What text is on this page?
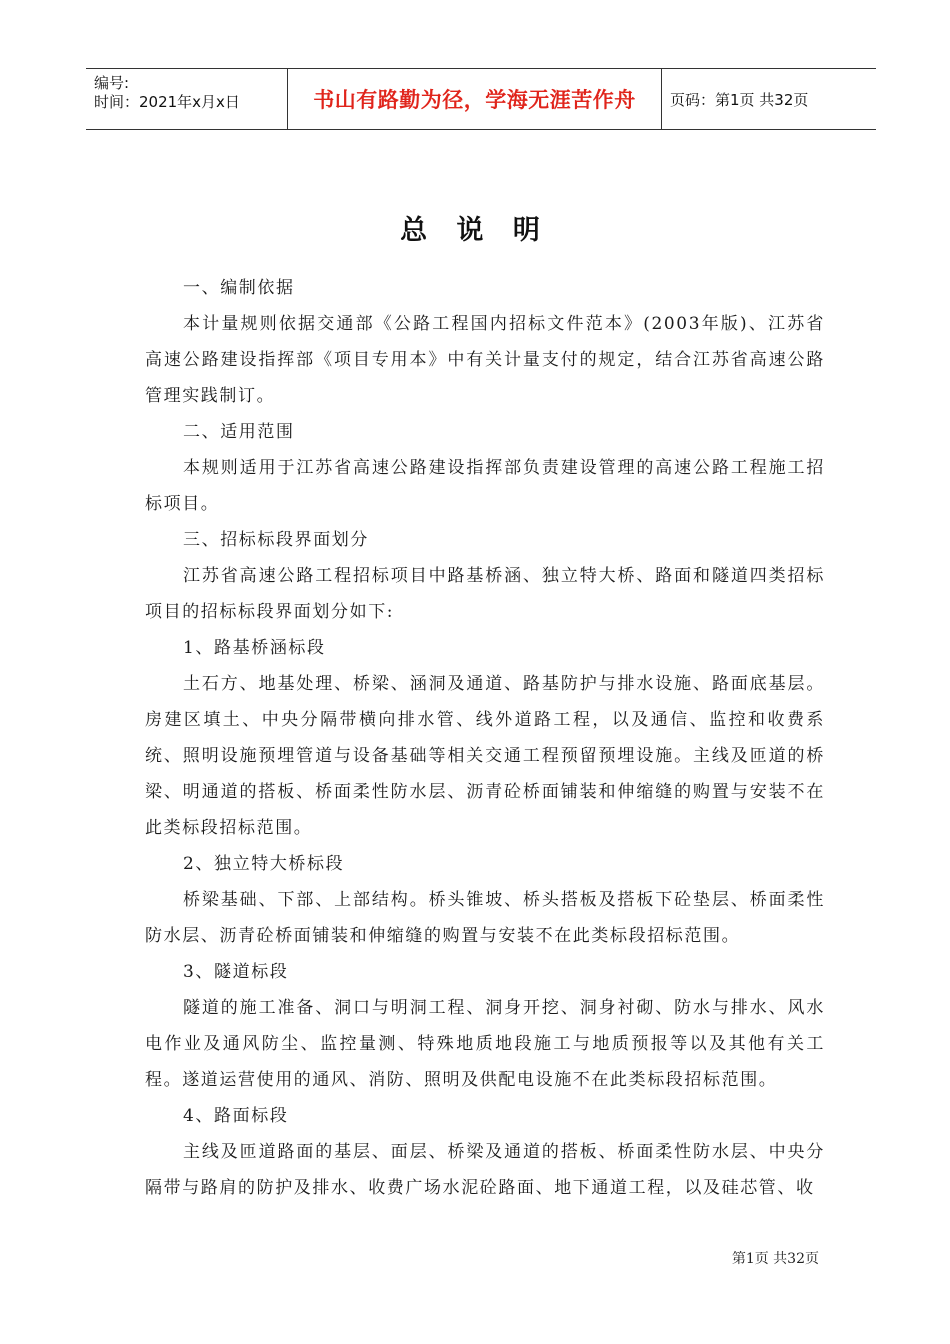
编号:
时间：2021年x月x日	书山有路勤为径，学海无涯苦作舟 页码：第1页 共32页
总 说 明

一、编制依据

本计量规则依据交通部《公路工程国内招标文件范本》(2003年版)、江苏省高速公路建设指挥部《项目专用本》中有关计量支付的规定，结合江苏省高速公路管理实践制订。

二、适用范围

本规则适用于江苏省高速公路建设指挥部负责建设管理的高速公路工程施工招标项目。

三、招标标段界面划分

江苏省高速公路工程招标项目中路基桥涵、独立特大桥、路面和隧道四类招标项目的招标标段界面划分如下:

1、路基桥涵标段

土石方、地基处理、桥梁、涵洞及通道、路基防护与排水设施、路面底基层。房建区填土、中央分隔带横向排水管、线外道路工程，以及通信、监控和收费系统、照明设施预埋管道与设备基础等相关交通工程预留预埋设施。主线及匝道的桥梁、明通道的搭板、桥面柔性防水层、沥青砼桥面铺装和伸缩缝的购置与安装不在此类标段招标范围。

2、独立特大桥标段

桥梁基础、下部、上部结构。桥头锥坡、桥头搭板及搭板下砼垫层、桥面柔性防水层、沥青砼桥面铺装和伸缩缝的购置与安装不在此类标段招标范围。

3、隧道标段

隧道的施工准备、洞口与明洞工程、洞身开挖、洞身衬砌、防水与排水、风水电作业及通风防尘、监控量测、特殊地质地段施工与地质预报等以及其他有关工程。遂道运营使用的通风、消防、照明及供配电设施不在此类标段招标范围。

4、路面标段

主线及匝道路面的基层、面层、桥梁及通道的搭板、桥面柔性防水层、中央分隔带与路肩的防护及排水、收费广场水泥砼路面、地下通道工程，以及硅芯管、收

第1页 共32页
